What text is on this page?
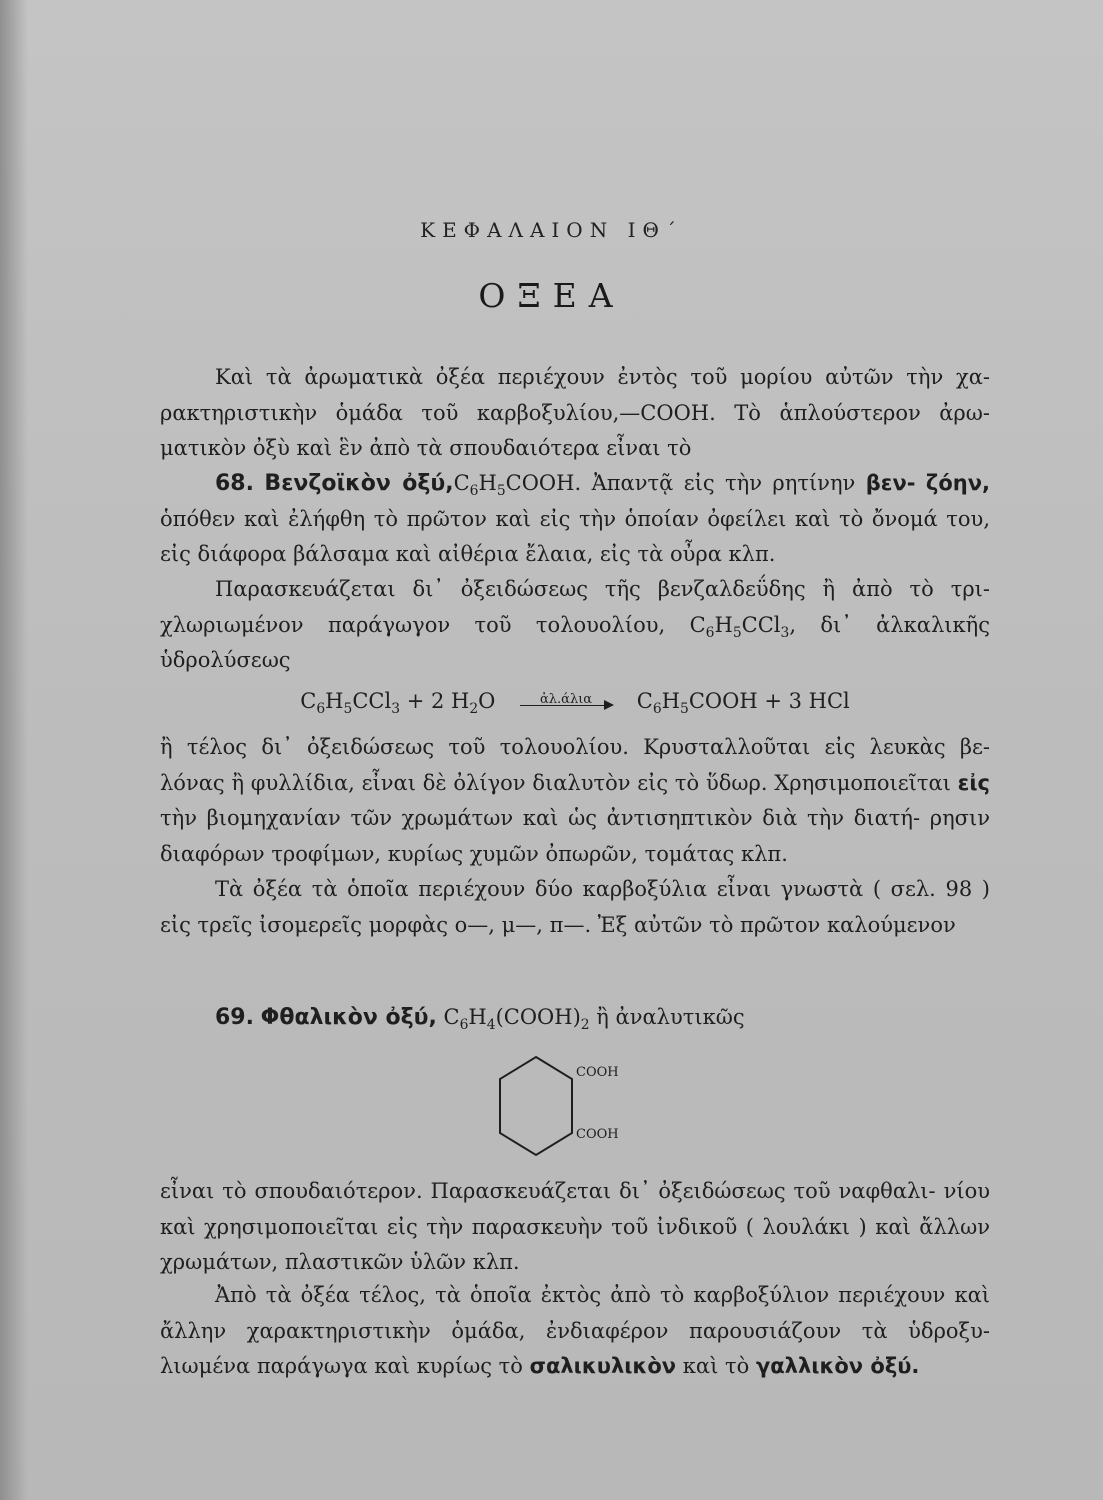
ΚΕΦΑΛΑΙΟΝ ΙΘ΄
ΟΞΕΑ

Καὶ τὰ ἀρωματικὰ ὀξέα περιέχουν ἐντὸς τοῦ μορίου αὐτῶν τὴν χα- ρακτηριστικὴν ὁμάδα τοῦ καρβοξυλίου,—COOH. Τὸ ἁπλούστερον ἀρω- ματικὸν ὀξὺ καὶ ἓν ἀπὸ τὰ σπουδαιότερα εἶναι τὸ

68. Βενζοϊκὸν $ὀ\xi ύ,C_6H_5COOH$. Ἀπαντᾷ εἰς τὴν ρητίνην βεν- ζόην, ὁπόθεν καὶ ἐλήφθη τὸ πρῶτον καὶ εἰς τὴν ὁποίαν ὀφείλει καὶ τὸ ὄνομά του, εἰς διάφορα βάλσαμα καὶ αἰθέρια ἔλαια, εἰς τὰ οὖρα κλπ.

Παρασκευάζεται δι᾽ ὀξειδώσεως τῆς βενζαλδεΰδης ἢ ἀπὸ τὸ τρι- χλωριωμένον παράγωγον τοῦ τολουολίου, $C_6H_5CCl_3$, δι᾽ ἀλκαλικῆς ὑδρολύσεως

$C_6H_5CCl_3 + 2$ $H_2O$	ἀλ.άλια	$C_6H_5COOH + 3$ HCl

ἢ τέλος δι᾽ ὀξειδώσεως τοῦ τολουολίου. Κρυσταλλοῦται εἰς λευκὰς βε- λόνας ἢ φυλλίδια, εἶναι δὲ ὀλίγον διαλυτὸν εἰς τὸ ὕδωρ. Χρησιμοποιεῖται εἰς τὴν βιομηχανίαν τῶν χρωμάτων καὶ ὡς ἀντισηπτικὸν διὰ τὴν διατή- ρησιν διαφόρων τροφίμων, κυρίως χυμῶν ὀπωρῶν, τομάτας κλπ.

Τὰ ὀξέα τὰ ὁποῖα περιέχουν δύο καρβοξύλια εἶναι γνωστὰ ( σελ. 98 ) εἰς τρεῖς ἰσομερεῖς μορφὰς ο—, μ—, π—. Ἐξ αὐτῶν τὸ πρῶτον καλούμενον

69. Φθαλικὸν ὀξύ, $C_6H_4(COOH)_2$ ἢ ἀναλυτικῶς

COOH
COOH

εἶναι τὸ σπουδαιότερον. Παρασκευάζεται δι᾽ ὀξειδώσεως τοῦ ναφθαλι- νίου καὶ χρησιμοποιεῖται εἰς τὴν παρασκευὴν τοῦ ἰνδικοῦ ( λουλάκι ) καὶ ἄλλων χρωμάτων, πλαστικῶν ὑλῶν κλπ.

Ἀπὸ τὰ ὀξέα τέλος, τὰ ὁποῖα ἐκτὸς ἀπὸ τὸ καρβοξύλιον περιέχουν καὶ ἄλλην χαρακτηριστικὴν ὁμάδα, ἐνδιαφέρον παρουσιάζουν τὰ ὑδροξυ- λιωμένα παράγωγα καὶ κυρίως τὸ σαλικυλικὸν καὶ τὸ γαλλικὸν ὀξύ.
